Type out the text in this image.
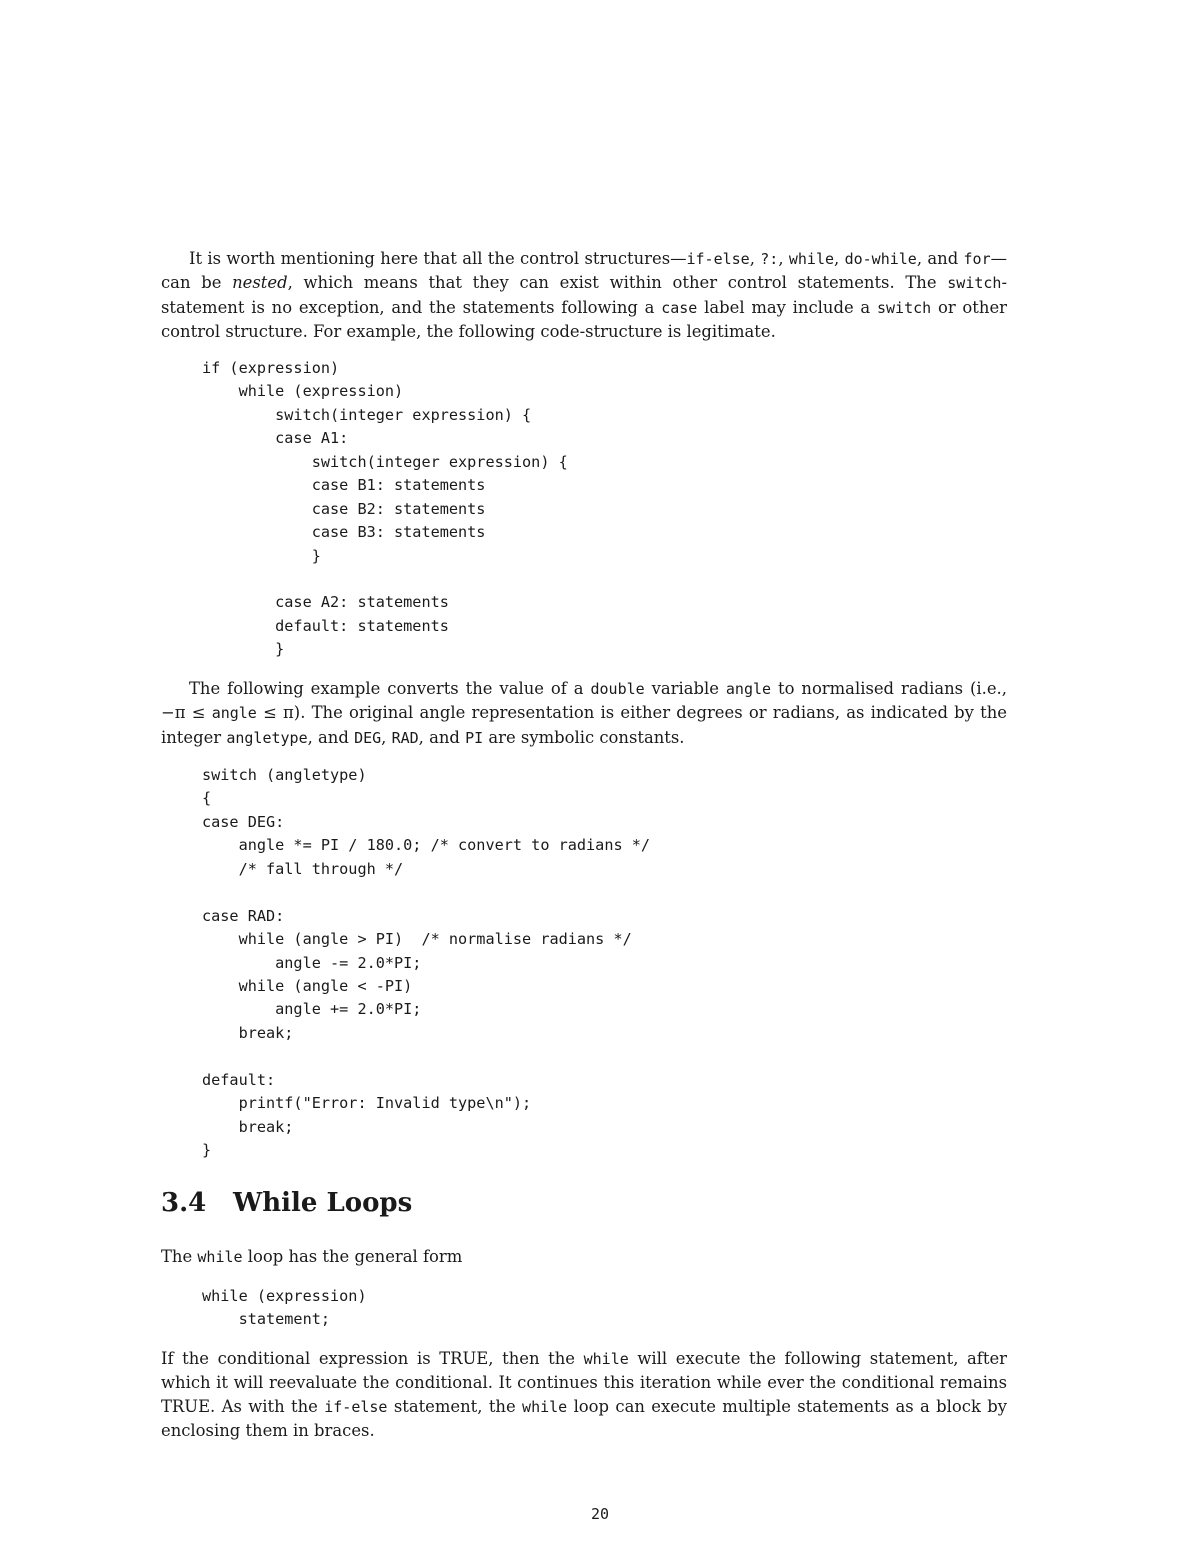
It is worth mentioning here that all the control structures—if-else, ?:, while, do-while, and for—can be nested, which means that they can exist within other control statements. The switch-statement is no exception, and the statements following a case label may include a switch or other control structure. For example, the following code-structure is legitimate.

if (expression)
while (expression)
switch(integer expression) {
case A1:
switch(integer expression) {
case B1: statements
case B2: statements
case B3: statements
}
case A2: statements
default: statements
}

The following example converts the value of a double variable angle to normalised radians (i.e., −π ≤ angle ≤ π). The original angle representation is either degrees or radians, as indicated by the integer angletype, and DEG, RAD, and PI are symbolic constants.

switch (angletype)
{
case DEG:
angle *= PI / 180.0; /* convert to radians */
/* fall through */
case RAD:
while (angle > PI)  /* normalise radians */
angle -= 2.0*PI;
while (angle < -PI)
angle += 2.0*PI;
break;
default:
printf("Error: Invalid type\n");
break;
}
3.4 While Loops

The while loop has the general form

while (expression)
statement;

If the conditional expression is TRUE, then the while will execute the following statement, after which it will reevaluate the conditional. It continues this iteration while ever the conditional remains TRUE. As with the if-else statement, the while loop can execute multiple statements as a block by enclosing them in braces.

20
